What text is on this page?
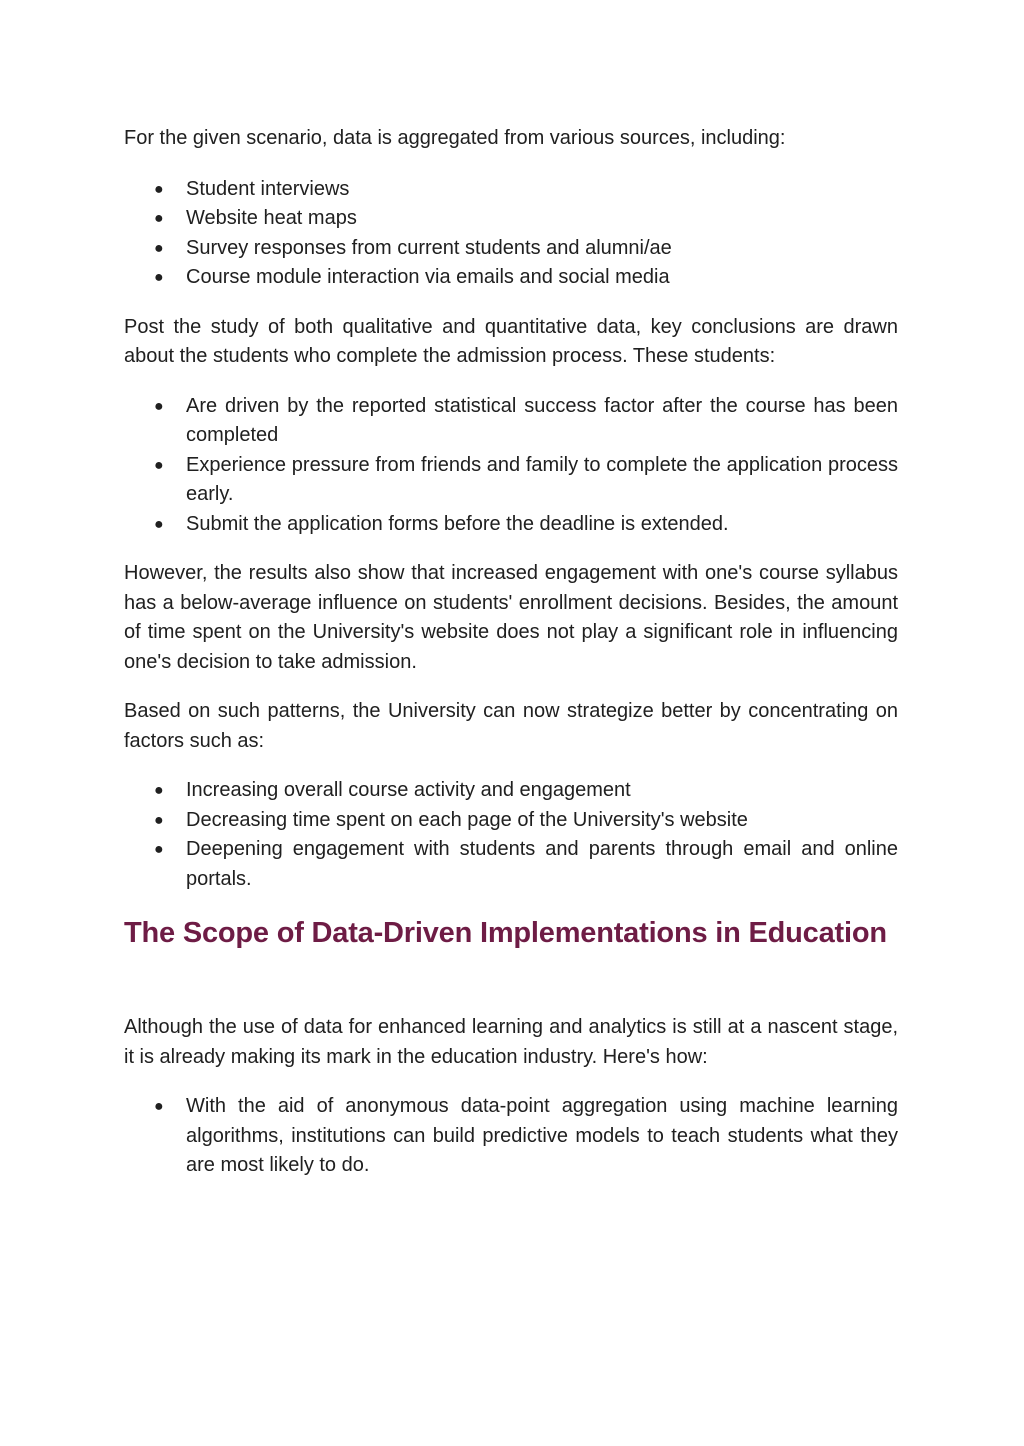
For the given scenario, data is aggregated from various sources, including:

● Student interviews
● Website heat maps
● Survey responses from current students and alumni/ae
● Course module interaction via emails and social media

Post the study of both qualitative and quantitative data, key conclusions are drawn about the students who complete the admission process. These students:

● Are driven by the reported statistical success factor after the course has been completed
● Experience pressure from friends and family to complete the application process early.
● Submit the application forms before the deadline is extended.

However, the results also show that increased engagement with one's course syllabus has a below-average influence on students' enrollment decisions. Besides, the amount of time spent on the University's website does not play a significant role in influencing one's decision to take admission.

Based on such patterns, the University can now strategize better by concentrating on factors such as:

● Increasing overall course activity and engagement
● Decreasing time spent on each page of the University's website
● Deepening engagement with students and parents through email and online portals.
The Scope of Data-Driven Implementations in Education

Although the use of data for enhanced learning and analytics is still at a nascent stage, it is already making its mark in the education industry. Here's how:

● With the aid of anonymous data-point aggregation using machine learning algorithms, institutions can build predictive models to teach students what they are most likely to do.
